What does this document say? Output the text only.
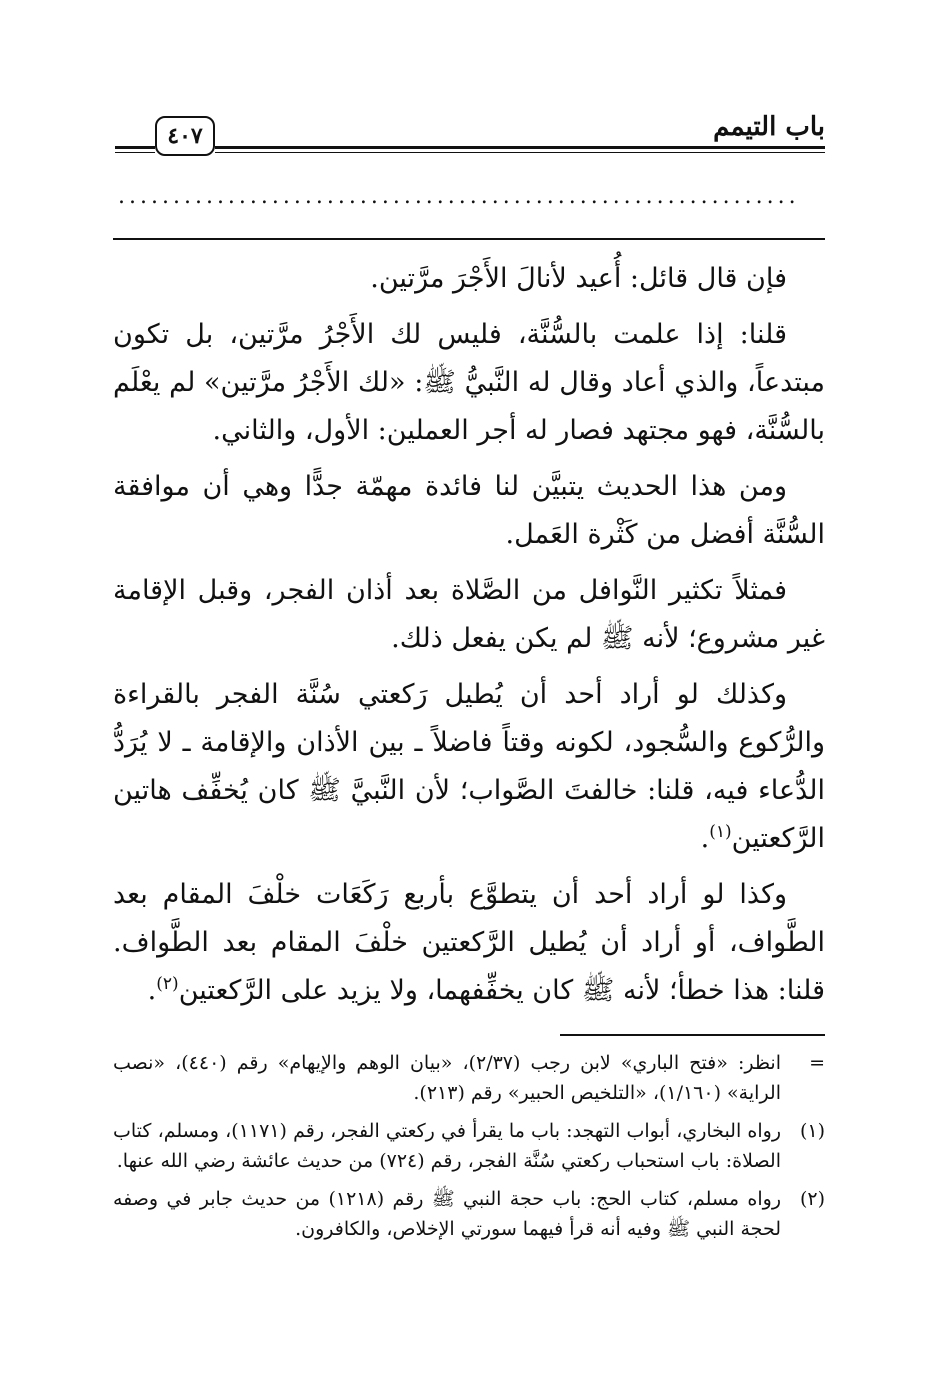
باب التيمم
٤٠٧
..............................................................

فإن قال قائل: أُعيد لأنالَ الأَجْرَ مرَّتين.

قلنا: إذا علمت بالسُّنَّة، فليس لك الأَجْرُ مرَّتين، بل تكون مبتدعاً، والذي أعاد وقال له النَّبيُّ ﷺ: «لك الأَجْرُ مرَّتين» لم يعْلَم بالسُّنَّة، فهو مجتهد فصار له أجر العملين: الأول، والثاني.

ومن هذا الحديث يتبيَّن لنا فائدة مهمّة جدًّا وهي أن موافقة السُّنَّة أفضل من كَثْرة العَمل.

فمثلاً تكثير النَّوافل من الصَّلاة بعد أذان الفجر، وقبل الإقامة غير مشروع؛ لأنه ﷺ لم يكن يفعل ذلك.

وكذلك لو أراد أحد أن يُطيل رَكعتي سُنَّة الفجر بالقراءة والرُّكوع والسُّجود، لكونه وقتاً فاضلاً ـ بين الأذان والإقامة ـ لا يُرَدُّ الدُّعاء فيه، قلنا: خالفتَ الصَّواب؛ لأن النَّبيَّ ﷺ كان يُخفِّف هاتين الرَّكعتين$^{(١)}$.

وكذا لو أراد أحد أن يتطوَّع بأربع رَكَعَات خلْفَ المقام بعد الطَّواف، أو أراد أن يُطيل الرَّكعتين خلْفَ المقام بعد الطَّواف. قلنا: هذا خطأ؛ لأنه ﷺ كان يخفِّفهما، ولا يزيد على الرَّكعتين$^{(٢)}$.

=
انظر: «فتح الباري» لابن رجب (٢/٣٧)، «بيان الوهم والإيهام» رقم (٤٤٠)، «نصب الراية» (١/١٦٠)، «التلخيص الحبير» رقم (٢١٣).
(١)
رواه البخاري، أبواب التهجد: باب ما يقرأ في ركعتي الفجر، رقم (١١٧١)، ومسلم، كتاب الصلاة: باب استحباب ركعتي سُنَّة الفجر، رقم (٧٢٤) من حديث عائشة رضي الله عنها.
(٢)
رواه مسلم، كتاب الحج: باب حجة النبي ﷺ رقم (١٢١٨) من حديث جابر في وصفه لحجة النبي ﷺ وفيه أنه قرأ فيهما سورتي الإخلاص، والكافرون.
